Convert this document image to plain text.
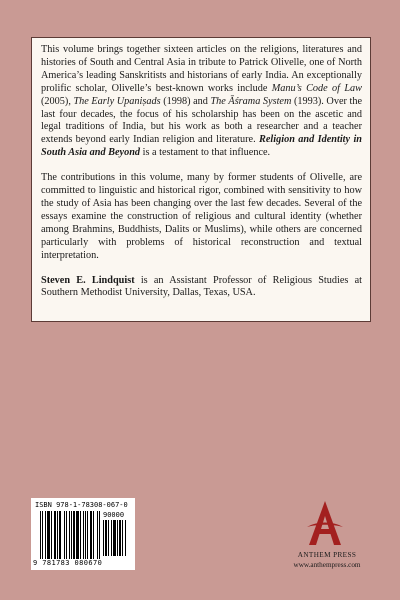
This volume brings together sixteen articles on the religions, literatures and histories of South and Central Asia in tribute to Patrick Olivelle, one of North America’s leading Sanskritists and historians of early India. An exceptionally prolific scholar, Olivelle’s best-known works include Manu’s Code of Law (2005), The Early Upaniṣads (1998) and The Āśrama System (1993). Over the last four decades, the focus of his scholarship has been on the ascetic and legal traditions of India, but his work as both a researcher and a teacher extends beyond early Indian religion and literature. Religion and Identity in South Asia and Beyond is a testament to that influence.

The contributions in this volume, many by former students of Olivelle, are committed to linguistic and historical rigor, combined with sensitivity to how the study of Asia has been changing over the last few decades. Several of the essays examine the construction of religious and cultural identity (whether among Brahmins, Buddhists, Dalits or Muslims), while others are concerned particularly with problems of historical reconstruction and textual interpretation.

Steven E. Lindquist is an Assistant Professor of Religious Studies at Southern Methodist University, Dallas, Texas, USA.

ISBN 978-1-78308-067-0
90000
9 781783 080670
ANTHEM PRESS
www.anthempress.com
